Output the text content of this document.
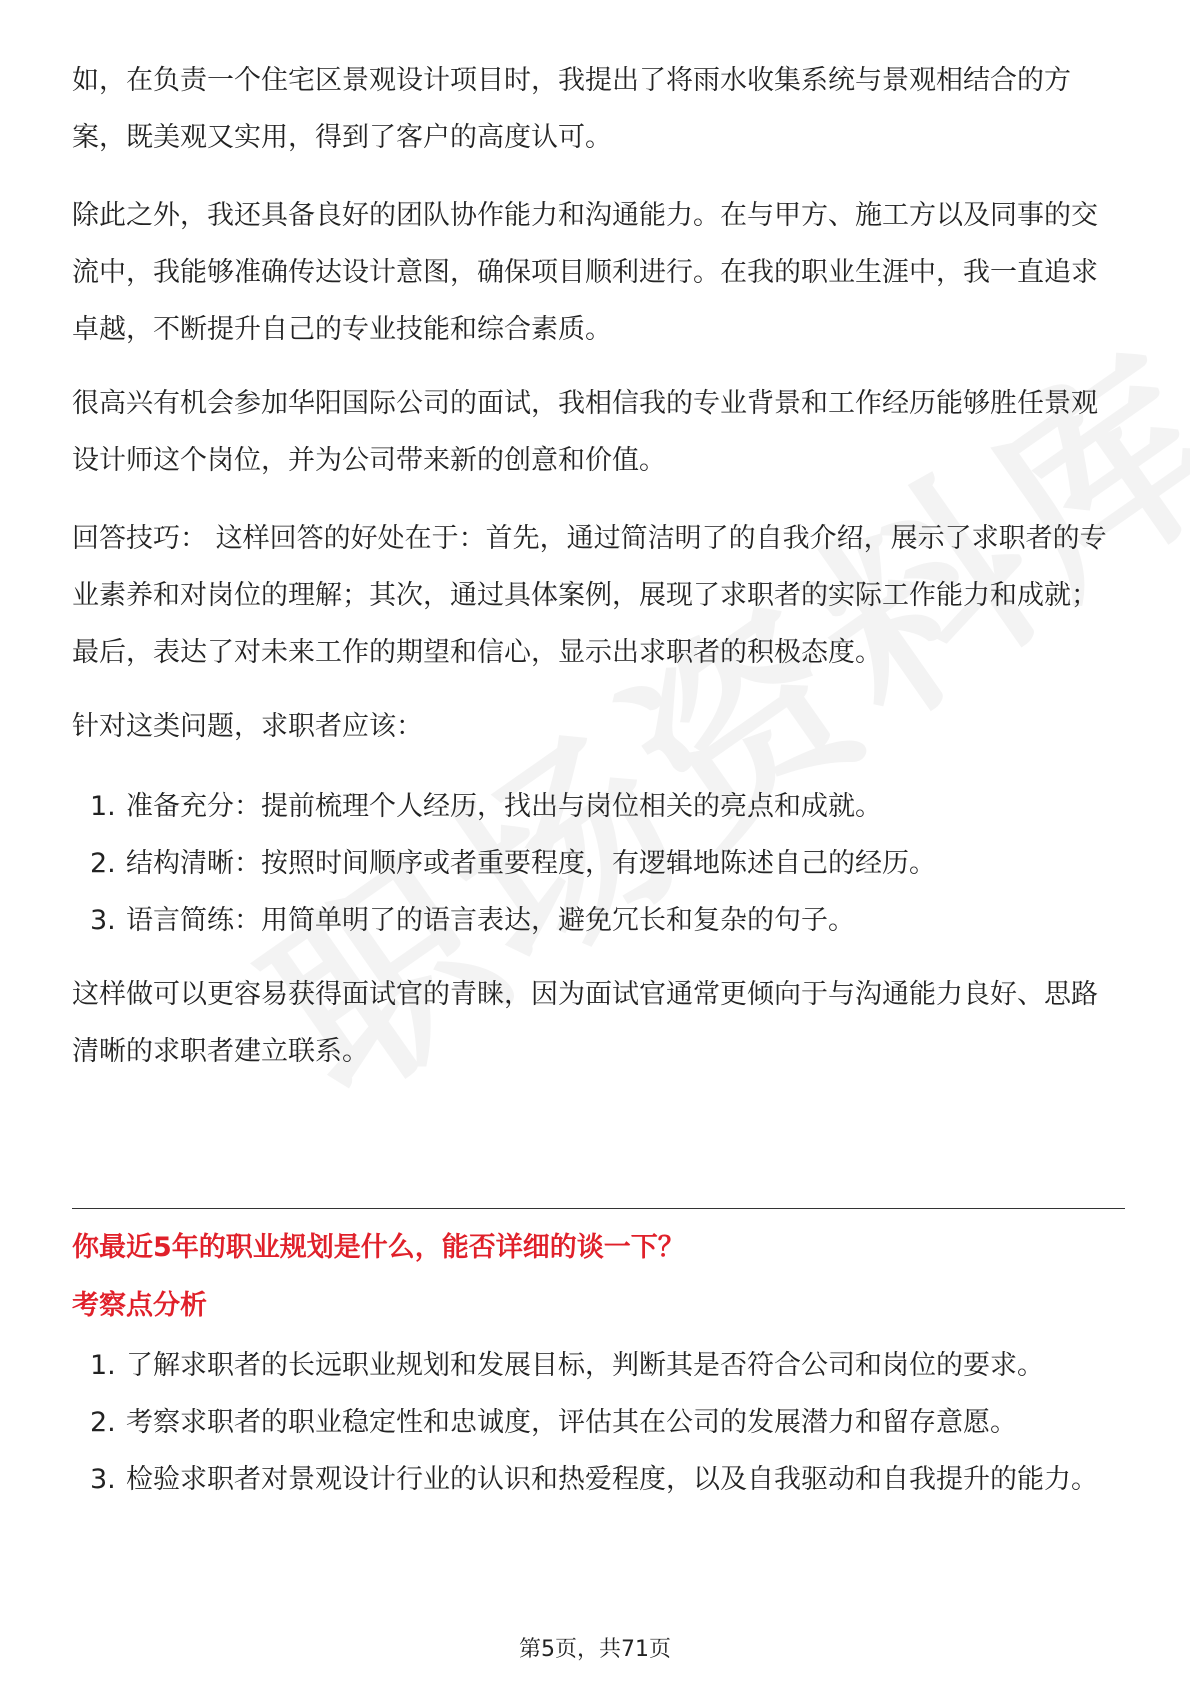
如，在负责一个住宅区景观设计项目时，我提出了将雨水收集系统与景观相结合的方案，既美观又实用，得到了客户的高度认可。

除此之外，我还具备良好的团队协作能力和沟通能力。在与甲方、施工方以及同事的交流中，我能够准确传达设计意图，确保项目顺利进行。在我的职业生涯中，我一直追求卓越，不断提升自己的专业技能和综合素质。

很高兴有机会参加华阳国际公司的面试，我相信我的专业背景和工作经历能够胜任景观设计师这个岗位，并为公司带来新的创意和价值。

回答技巧： 这样回答的好处在于：首先，通过简洁明了的自我介绍，展示了求职者的专业素养和对岗位的理解；其次，通过具体案例，展现了求职者的实际工作能力和成就；最后，表达了对未来工作的期望和信心，显示出求职者的积极态度。

针对这类问题，求职者应该：

1. 准备充分：提前梳理个人经历，找出与岗位相关的亮点和成就。
2. 结构清晰：按照时间顺序或者重要程度，有逻辑地陈述自己的经历。
3. 语言简练：用简单明了的语言表达，避免冗长和复杂的句子。

这样做可以更容易获得面试官的青睐，因为面试官通常更倾向于与沟通能力良好、思路清晰的求职者建立联系。

你最近5年的职业规划是什么，能否详细的谈一下？
考察点分析
1. 了解求职者的长远职业规划和发展目标，判断其是否符合公司和岗位的要求。
2. 考察求职者的职业稳定性和忠诚度，评估其在公司的发展潜力和留存意愿。
3. 检验求职者对景观设计行业的认识和热爱程度，以及自我驱动和自我提升的能力。
第5页，共71页
